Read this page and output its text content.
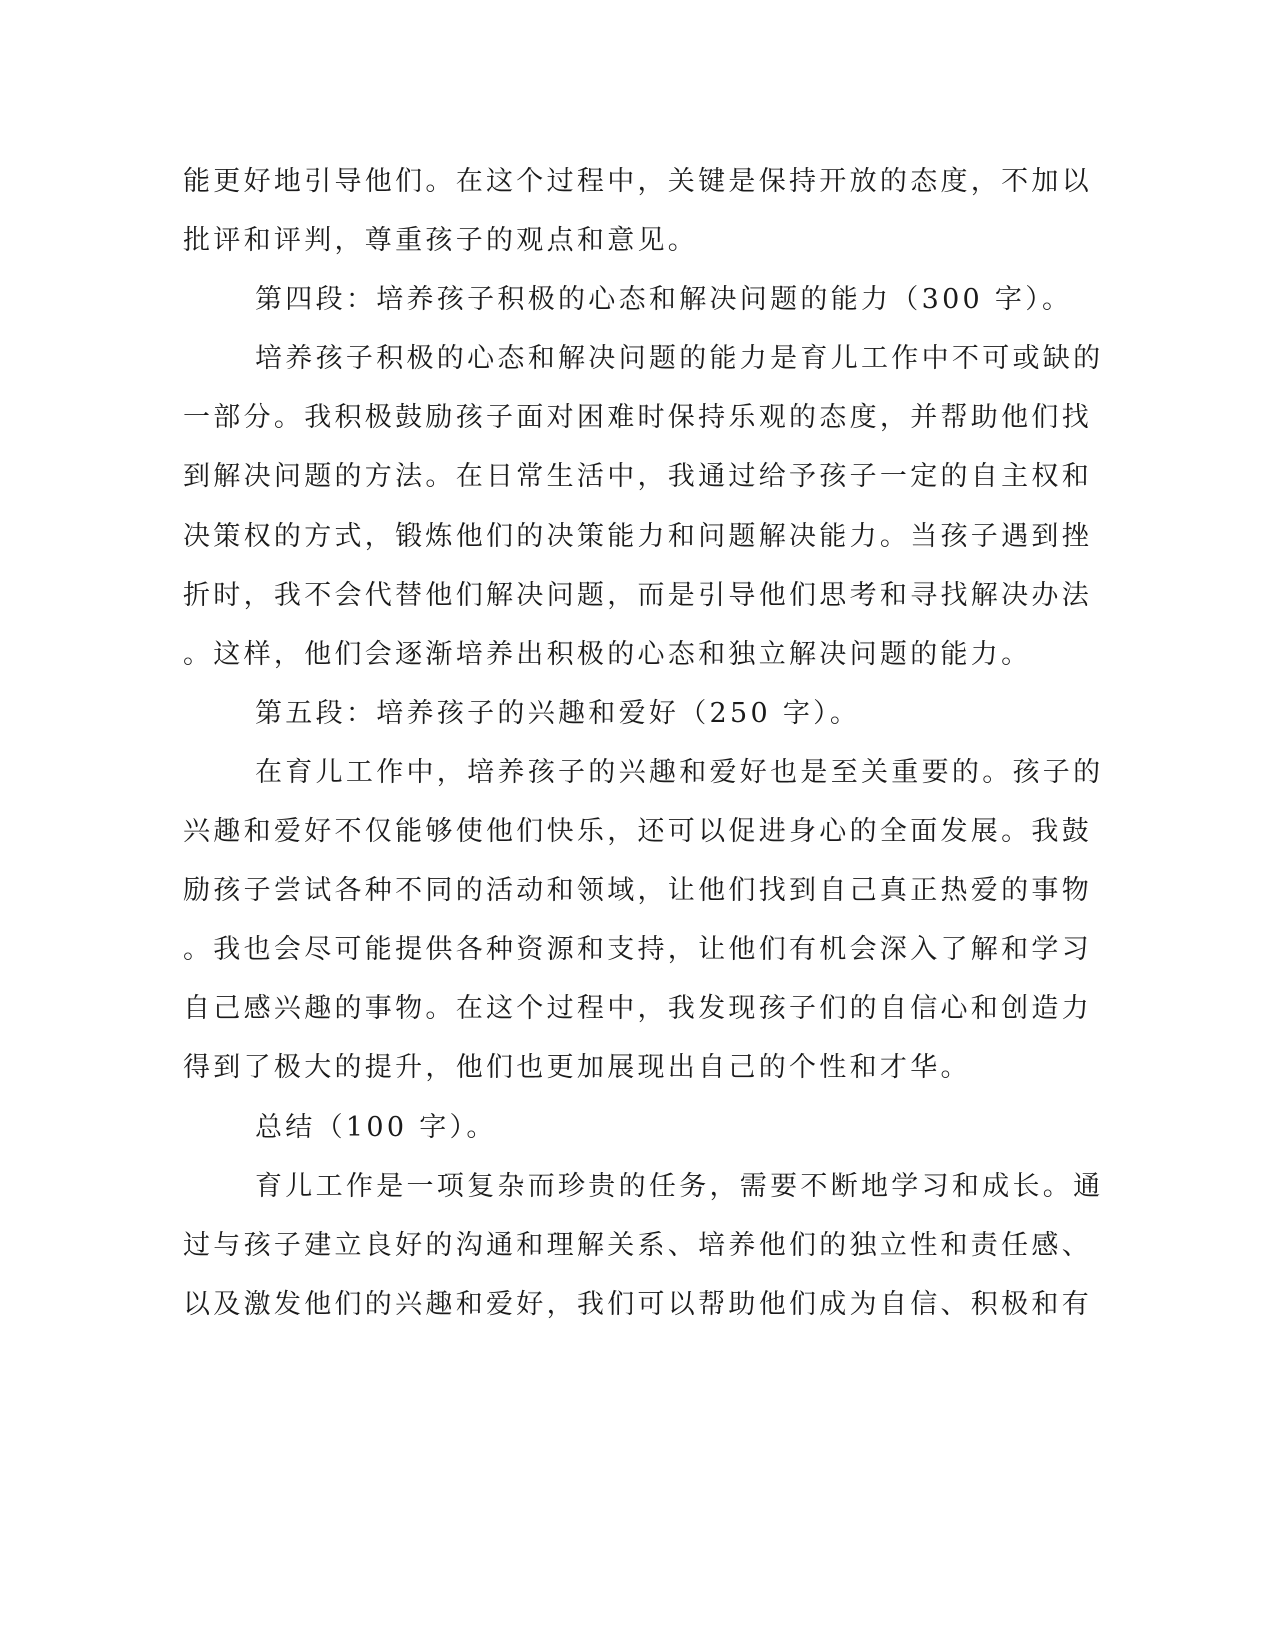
能更好地引导他们。在这个过程中，关键是保持开放的态度，不加以
批评和评判，尊重孩子的观点和意见。
第四段：培养孩子积极的心态和解决问题的能力（300 字）。
培养孩子积极的心态和解决问题的能力是育儿工作中不可或缺的
一部分。我积极鼓励孩子面对困难时保持乐观的态度，并帮助他们找
到解决问题的方法。在日常生活中，我通过给予孩子一定的自主权和
决策权的方式，锻炼他们的决策能力和问题解决能力。当孩子遇到挫
折时，我不会代替他们解决问题，而是引导他们思考和寻找解决办法
。这样，他们会逐渐培养出积极的心态和独立解决问题的能力。
第五段：培养孩子的兴趣和爱好（250 字）。
在育儿工作中，培养孩子的兴趣和爱好也是至关重要的。孩子的
兴趣和爱好不仅能够使他们快乐，还可以促进身心的全面发展。我鼓
励孩子尝试各种不同的活动和领域，让他们找到自己真正热爱的事物
。我也会尽可能提供各种资源和支持，让他们有机会深入了解和学习
自己感兴趣的事物。在这个过程中，我发现孩子们的自信心和创造力
得到了极大的提升，他们也更加展现出自己的个性和才华。
总结（100 字）。
育儿工作是一项复杂而珍贵的任务，需要不断地学习和成长。通
过与孩子建立良好的沟通和理解关系、培养他们的独立性和责任感、
以及激发他们的兴趣和爱好，我们可以帮助他们成为自信、积极和有
